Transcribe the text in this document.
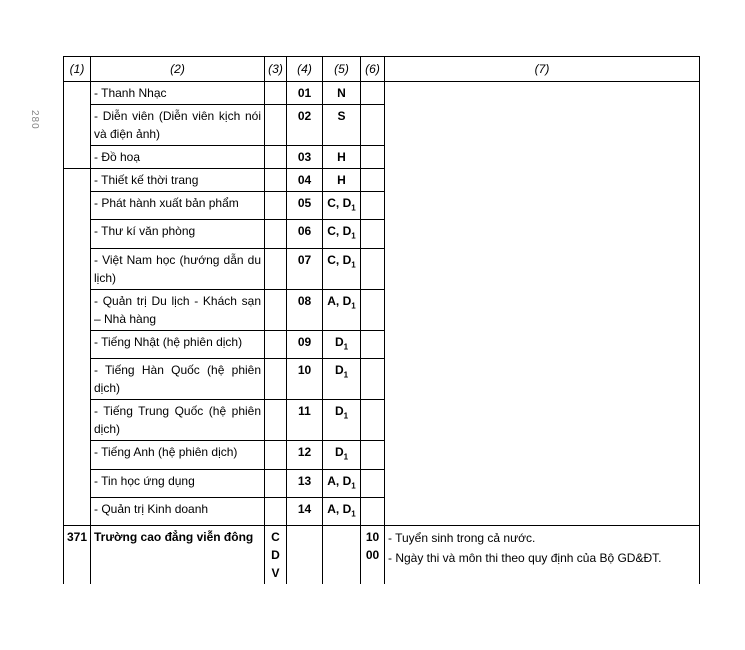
280
(1)	(2)	(3)	(4)	(5)	(6)	(7)
	- Thanh Nhạc		01	N		
	- Diễn viên (Diễn viên kịch nói và điện ảnh)		02	S		
	- Đồ hoạ		03	H		
	- Thiết kế thời trang		04	H		
	- Phát hành xuất bản phẩm		05	C, $D_1$	
	- Thư kí văn phòng		06	C, $D_1$	
	- Việt Nam học (hướng dẫn du lịch)		07	C, $D_1$	
	- Quản trị Du lịch - Khách sạn – Nhà hàng		08	A, $D_1$	
	- Tiếng Nhật (hệ phiên dịch)		09	$D_1$	
	- Tiếng Hàn Quốc (hệ phiên dịch)		10	$D_1$	
	- Tiếng Trung Quốc (hệ phiên dịch)		11	$D_1$	
	- Tiếng Anh (hệ phiên dịch)		12	$D_1$	
	- Tin học ứng dụng		13	A, $D_1$	
	- Quản trị Kinh doanh		14	A, $D_1$	
371	Trường cao đẳng viễn đông	CDV			1000	- Tuyển sinh trong cả nước.
- Ngày thi và môn thi theo quy định của Bộ GD&ĐT.
